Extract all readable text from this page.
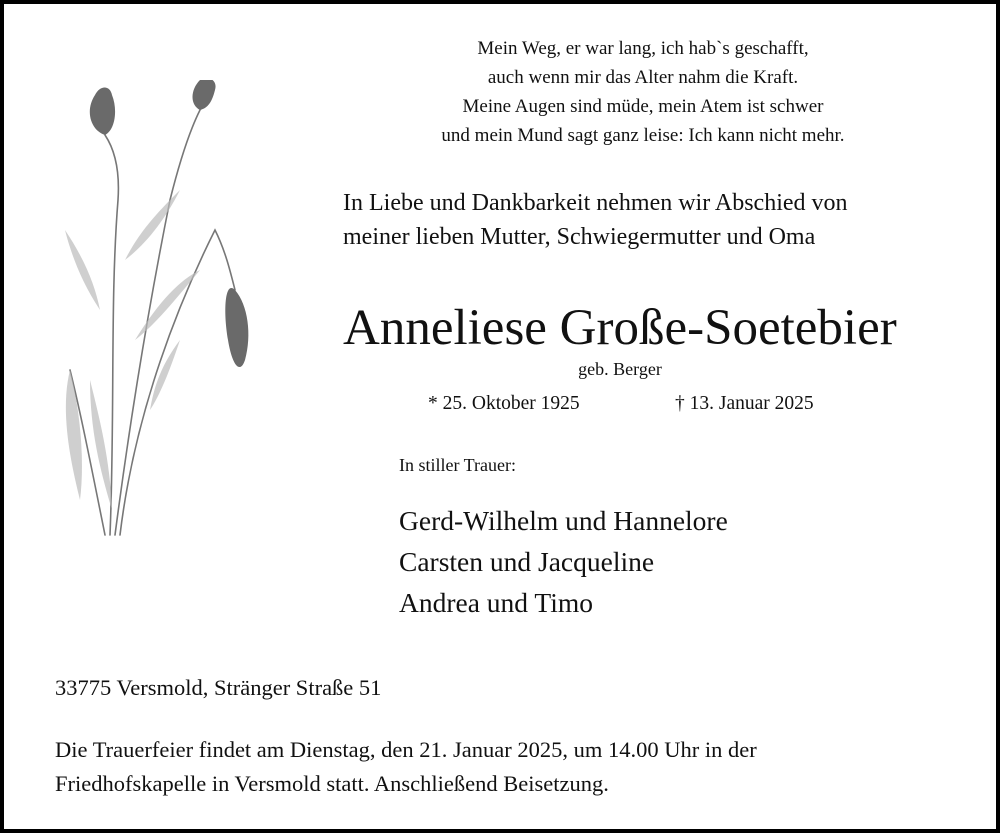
Mein Weg, er war lang, ich hab`s geschafft,
auch wenn mir das Alter nahm die Kraft.
Meine Augen sind müde, mein Atem ist schwer
und mein Mund sagt ganz leise: Ich kann nicht mehr.
In Liebe und Dankbarkeit nehmen wir Abschied von
meiner lieben Mutter, Schwiegermutter und Oma
Anneliese Große-Soetebier
geb. Berger
* 25. Oktober 1925	† 13. Januar 2025
In stiller Trauer:
Gerd-Wilhelm und Hannelore
Carsten und Jacqueline
Andrea und Timo
33775 Versmold, Stränger Straße 51
Die Trauerfeier findet am Dienstag, den 21. Januar 2025, um 14.00 Uhr in der
Friedhofskapelle in Versmold statt. Anschließend Beisetzung.
